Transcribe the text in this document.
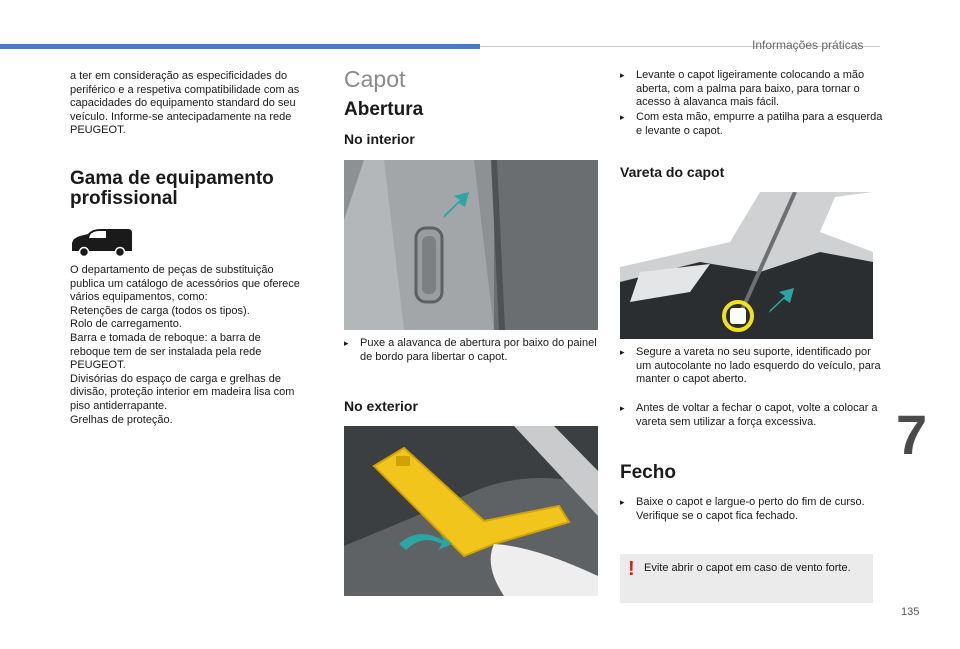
Informações práticas

a ter em consideração as especificidades do periférico e a respetiva compatibilidade com as capacidades do equipamento standard do seu veículo. Informe-se antecipadamente na rede PEUGEOT.

Gama de equipamento
profissional

O departamento de peças de substituição

publica um catálogo de acessórios que oferece

vários equipamentos, como:

Retenções de carga (todos os tipos).

Rolo de carregamento.

Barra e tomada de reboque: a barra de

reboque tem de ser instalada pela rede

PEUGEOT.

Divisórias do espaço de carga e grelhas de

divisão, proteção interior em madeira lisa com

piso antiderrapante.

Grelhas de proteção.

Capot
Abertura
No interior
▸ Puxe a alavanca de abertura por baixo do painel de bordo para libertar o capot.
No exterior
▸ Levante o capot ligeiramente colocando a mão aberta, com a palma para baixo, para tornar o acesso à alavanca mais fácil.
▸ Com esta mão, empurre a patilha para a esquerda e levante o capot.
Vareta do capot
▸ Segure a vareta no seu suporte, identificado por um autocolante no lado esquerdo do veículo, para manter o capot aberto.
▸ Antes de voltar a fechar o capot, volte a colocar a vareta sem utilizar a força excessiva.
Fecho
▸ Baixe o capot e largue-o perto do fim de curso. Verifique se o capot fica fechado.
! Evite abrir o capot em caso de vento forte.
7
135
